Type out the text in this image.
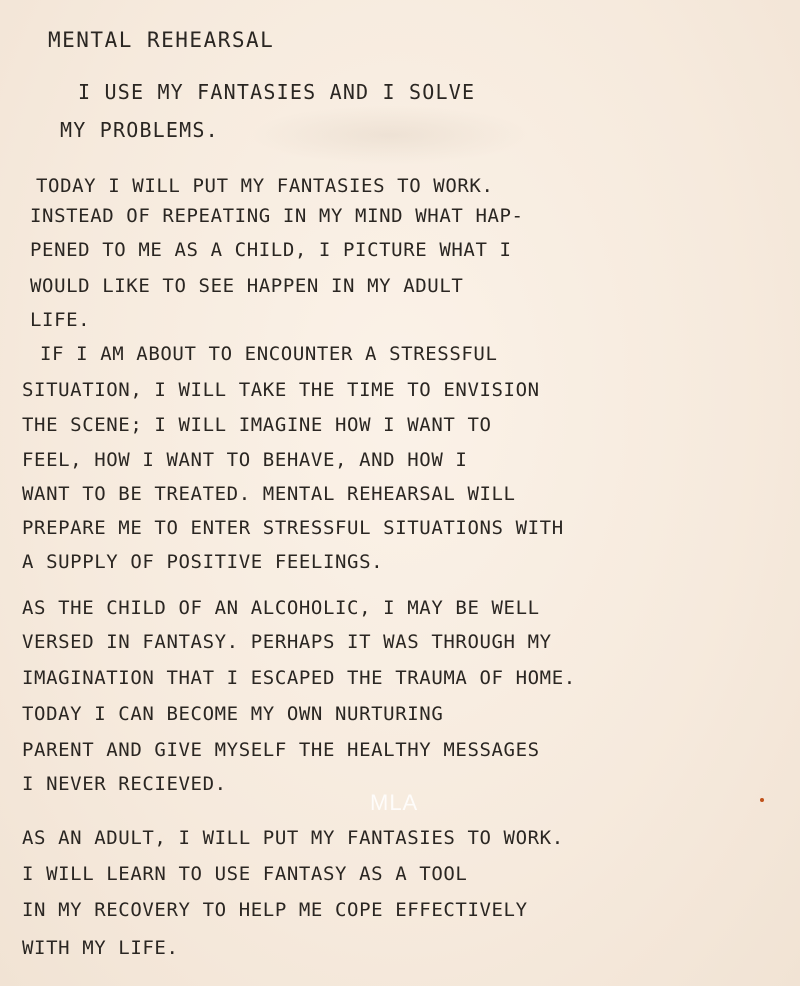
MENTAL REHEARSAL
I USE MY FANTASIES AND I SOLVE
MY PROBLEMS.
TODAY I WILL PUT MY FANTASIES TO WORK.
INSTEAD OF REPEATING IN MY MIND WHAT HAP-
PENED TO ME AS A CHILD, I PICTURE WHAT I
WOULD LIKE TO SEE HAPPEN IN MY ADULT
LIFE.
IF I AM ABOUT TO ENCOUNTER A STRESSFUL
SITUATION, I WILL TAKE THE TIME TO ENVISION
THE SCENE; I WILL IMAGINE HOW I WANT TO
FEEL, HOW I WANT TO BEHAVE, AND HOW I
WANT TO BE TREATED. MENTAL REHEARSAL WILL
PREPARE ME TO ENTER STRESSFUL SITUATIONS WITH
A SUPPLY OF POSITIVE FEELINGS.
AS THE CHILD OF AN ALCOHOLIC, I MAY BE WELL
VERSED IN FANTASY. PERHAPS IT WAS THROUGH MY
IMAGINATION THAT I ESCAPED THE TRAUMA OF HOME.
TODAY I CAN BECOME MY OWN NURTURING
PARENT AND GIVE MYSELF THE HEALTHY MESSAGES
I NEVER RECIEVED.
AS AN ADULT, I WILL PUT MY FANTASIES TO WORK.
I WILL LEARN TO USE FANTASY AS A TOOL
IN MY RECOVERY TO HELP ME COPE EFFECTIVELY
WITH MY LIFE.
MLA
